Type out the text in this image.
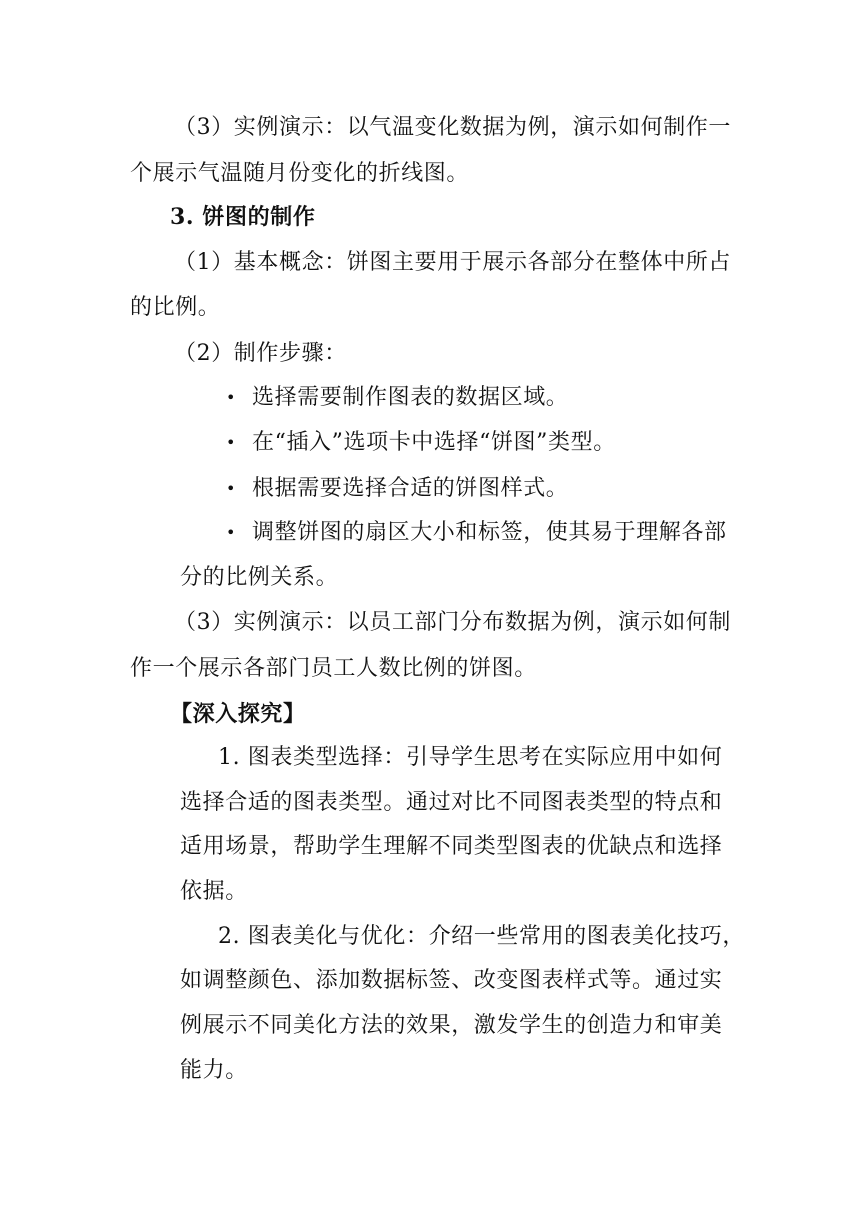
（3）实例演示：以气温变化数据为例，演示如何制作一
个展示气温随月份变化的折线图。
3. 饼图的制作
（1）基本概念：饼图主要用于展示各部分在整体中所占
的比例。
（2）制作步骤：
• 选择需要制作图表的数据区域。
• 在“插入”选项卡中选择“饼图”类型。
• 根据需要选择合适的饼图样式。
• 调整饼图的扇区大小和标签，使其易于理解各部
分的比例关系。
（3）实例演示：以员工部门分布数据为例，演示如何制
作一个展示各部门员工人数比例的饼图。
【深入探究】
1. 图表类型选择：引导学生思考在实际应用中如何
选择合适的图表类型。通过对比不同图表类型的特点和
适用场景，帮助学生理解不同类型图表的优缺点和选择
依据。
2. 图表美化与优化：介绍一些常用的图表美化技巧，
如调整颜色、添加数据标签、改变图表样式等。通过实
例展示不同美化方法的效果，激发学生的创造力和审美
能力。
